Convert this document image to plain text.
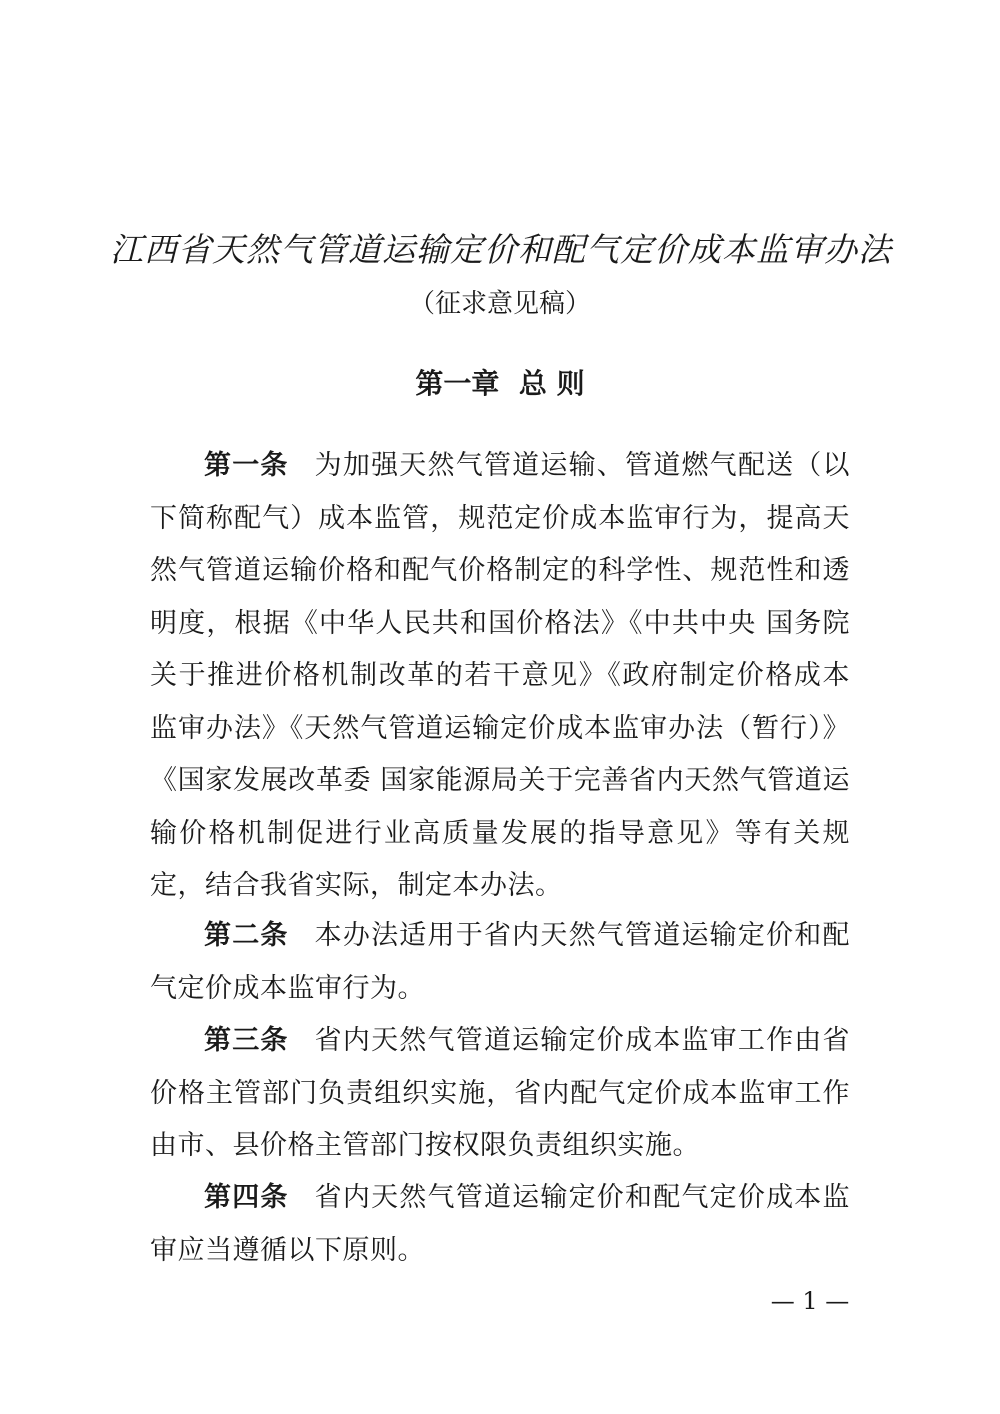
江西省天然气管道运输定价和配气定价成本监审办法
（征求意见稿）
第一章  总 则

第一条 为加强天然气管道运输、管道燃气配送（以下简称配气）成本监管，规范定价成本监审行为，提高天然气管道运输价格和配气价格制定的科学性、规范性和透明度，根据《中华人民共和国价格法》《中共中央 国务院关于推进价格机制改革的若干意见》《政府制定价格成本监审办法》《天然气管道运输定价成本监审办法（暂行）》《国家发展改革委 国家能源局关于完善省内天然气管道运输价格机制促进行业高质量发展的指导意见》等有关规定，结合我省实际，制定本办法。

第二条 本办法适用于省内天然气管道运输定价和配气定价成本监审行为。

第三条 省内天然气管道运输定价成本监审工作由省价格主管部门负责组织实施，省内配气定价成本监审工作由市、县价格主管部门按权限负责组织实施。

第四条 省内天然气管道运输定价和配气定价成本监审应当遵循以下原则。

— 1 —
